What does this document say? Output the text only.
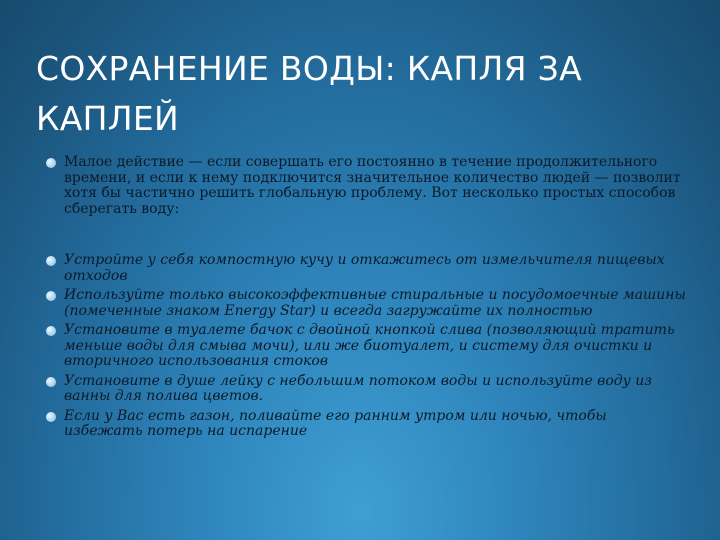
СОХРАНЕНИЕ ВОДЫ: КАПЛЯ ЗА КАПЛЕЙ
Малое действие — если совершать его постоянно в течение продолжительного времени, и если к нему подключится значительное количество людей — позволит хотя бы частично решить глобальную проблему. Вот несколько простых способов сберегать воду:
Устройте у себя компостную кучу и откажитесь от измельчителя пищевых отходов
Используйте только высокоэффективные стиральные и посудомоечные машины (помеченные знаком Energy Star) и всегда загружайте их полностью
Установите в туалете бачок с двойной кнопкой слива (позволяющий тратить меньше воды для смыва мочи), или же биотуалет, и систему для очистки и вторичного использования стоков
Установите в душе лейку с небольшим потоком воды и используйте воду из ванны для полива цветов.
Если у Вас есть газон, поливайте его ранним утром или ночью, чтобы избежать потерь на испарение
